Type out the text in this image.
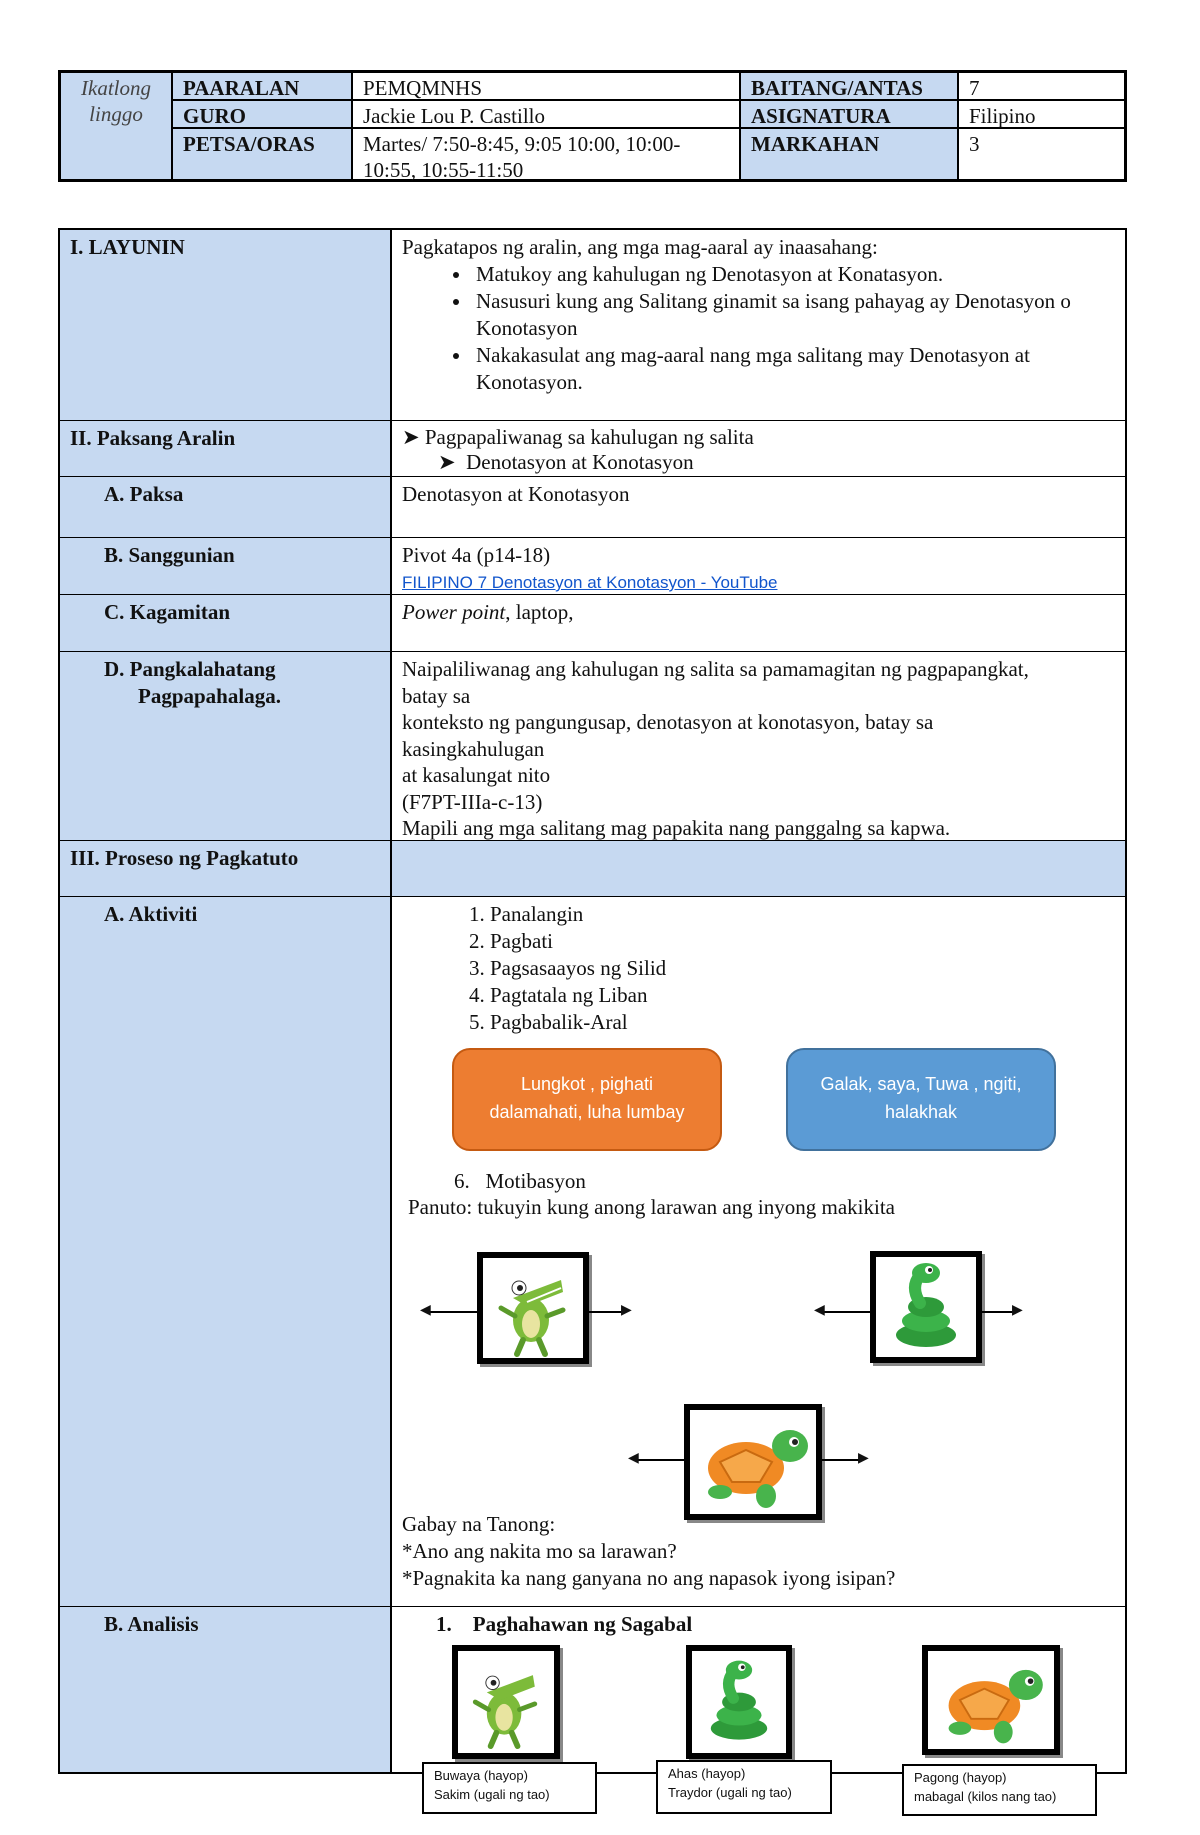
Ikatlong linggo
PAARALAN	PEMQMNHS	BAITANG/ANTAS	7
GURO	Jackie Lou P. Castillo	ASIGNATURA	Filipino
PETSA/ORAS	Martes/ 7:50-8:45, 9:05 10:00, 10:00-10:55, 10:55-11:50
MARKAHAN	3
I. LAYUNIN	Pagkatapos ng aralin, ang mga mag-aaral ay inaasahang:
• Matukoy ang kahulugan ng Denotasyon at Konatasyon.
• Nasusuri kung ang Salitang ginamit sa isang pahayag ay Denotasyon o Konotasyon
• Nakakasulat ang mag-aaral nang mga salitang may Denotasyon at Konotasyon.
II. Paksang Aralin	➤ Pagpapaliwanag sa kahulugan ng salita
➤ Denotasyon at Konotasyon
A. Paksa	Denotasyon at Konotasyon
B. Sanggunian	Pivot 4a (p14-18)
FILIPINO 7 Denotasyon at Konotasyon - YouTube
C. Kagamitan	Power point, laptop,
D. Pangkalahatang
Pagpapahalaga.
Naipaliliwanag ang kahulugan ng salita sa pamamagitan ng pagpapangkat,
batay sa
konteksto ng pangungusap, denotasyon at konotasyon, batay sa
kasingkahulugan
at kasalungat nito
(F7PT-IIIa-c-13)
Mapili ang mga salitang mag papakita nang panggalng sa kapwa.
III. Proseso ng Pagkatuto
A. Aktiviti
1.	Panalangin
2. Pagbati
3. Pagsasaayos ng Silid
4. Pagtatala ng Liban
5. Pagbabalik-Aral
Lungkot , pighati
dalamahati, luha lumbay
Galak, saya, Tuwa , ngiti,
halakhak
6. Motibasyon
Panuto: tukuyin kung anong larawan ang inyong makikita
◀	▶	◀	▶
◀	▶
Gabay na Tanong:
*Ano ang nakita mo sa larawan?
*Pagnakita ka nang ganyana no ang napasok iyong isipan?
B. Analisis	1. Paghahawan ng Sagabal
Buwaya (hayop)
Sakim (ugali ng tao)
Ahas (hayop)
Traydor (ugali ng tao)
Pagong (hayop)
mabagal (kilos nang tao)
